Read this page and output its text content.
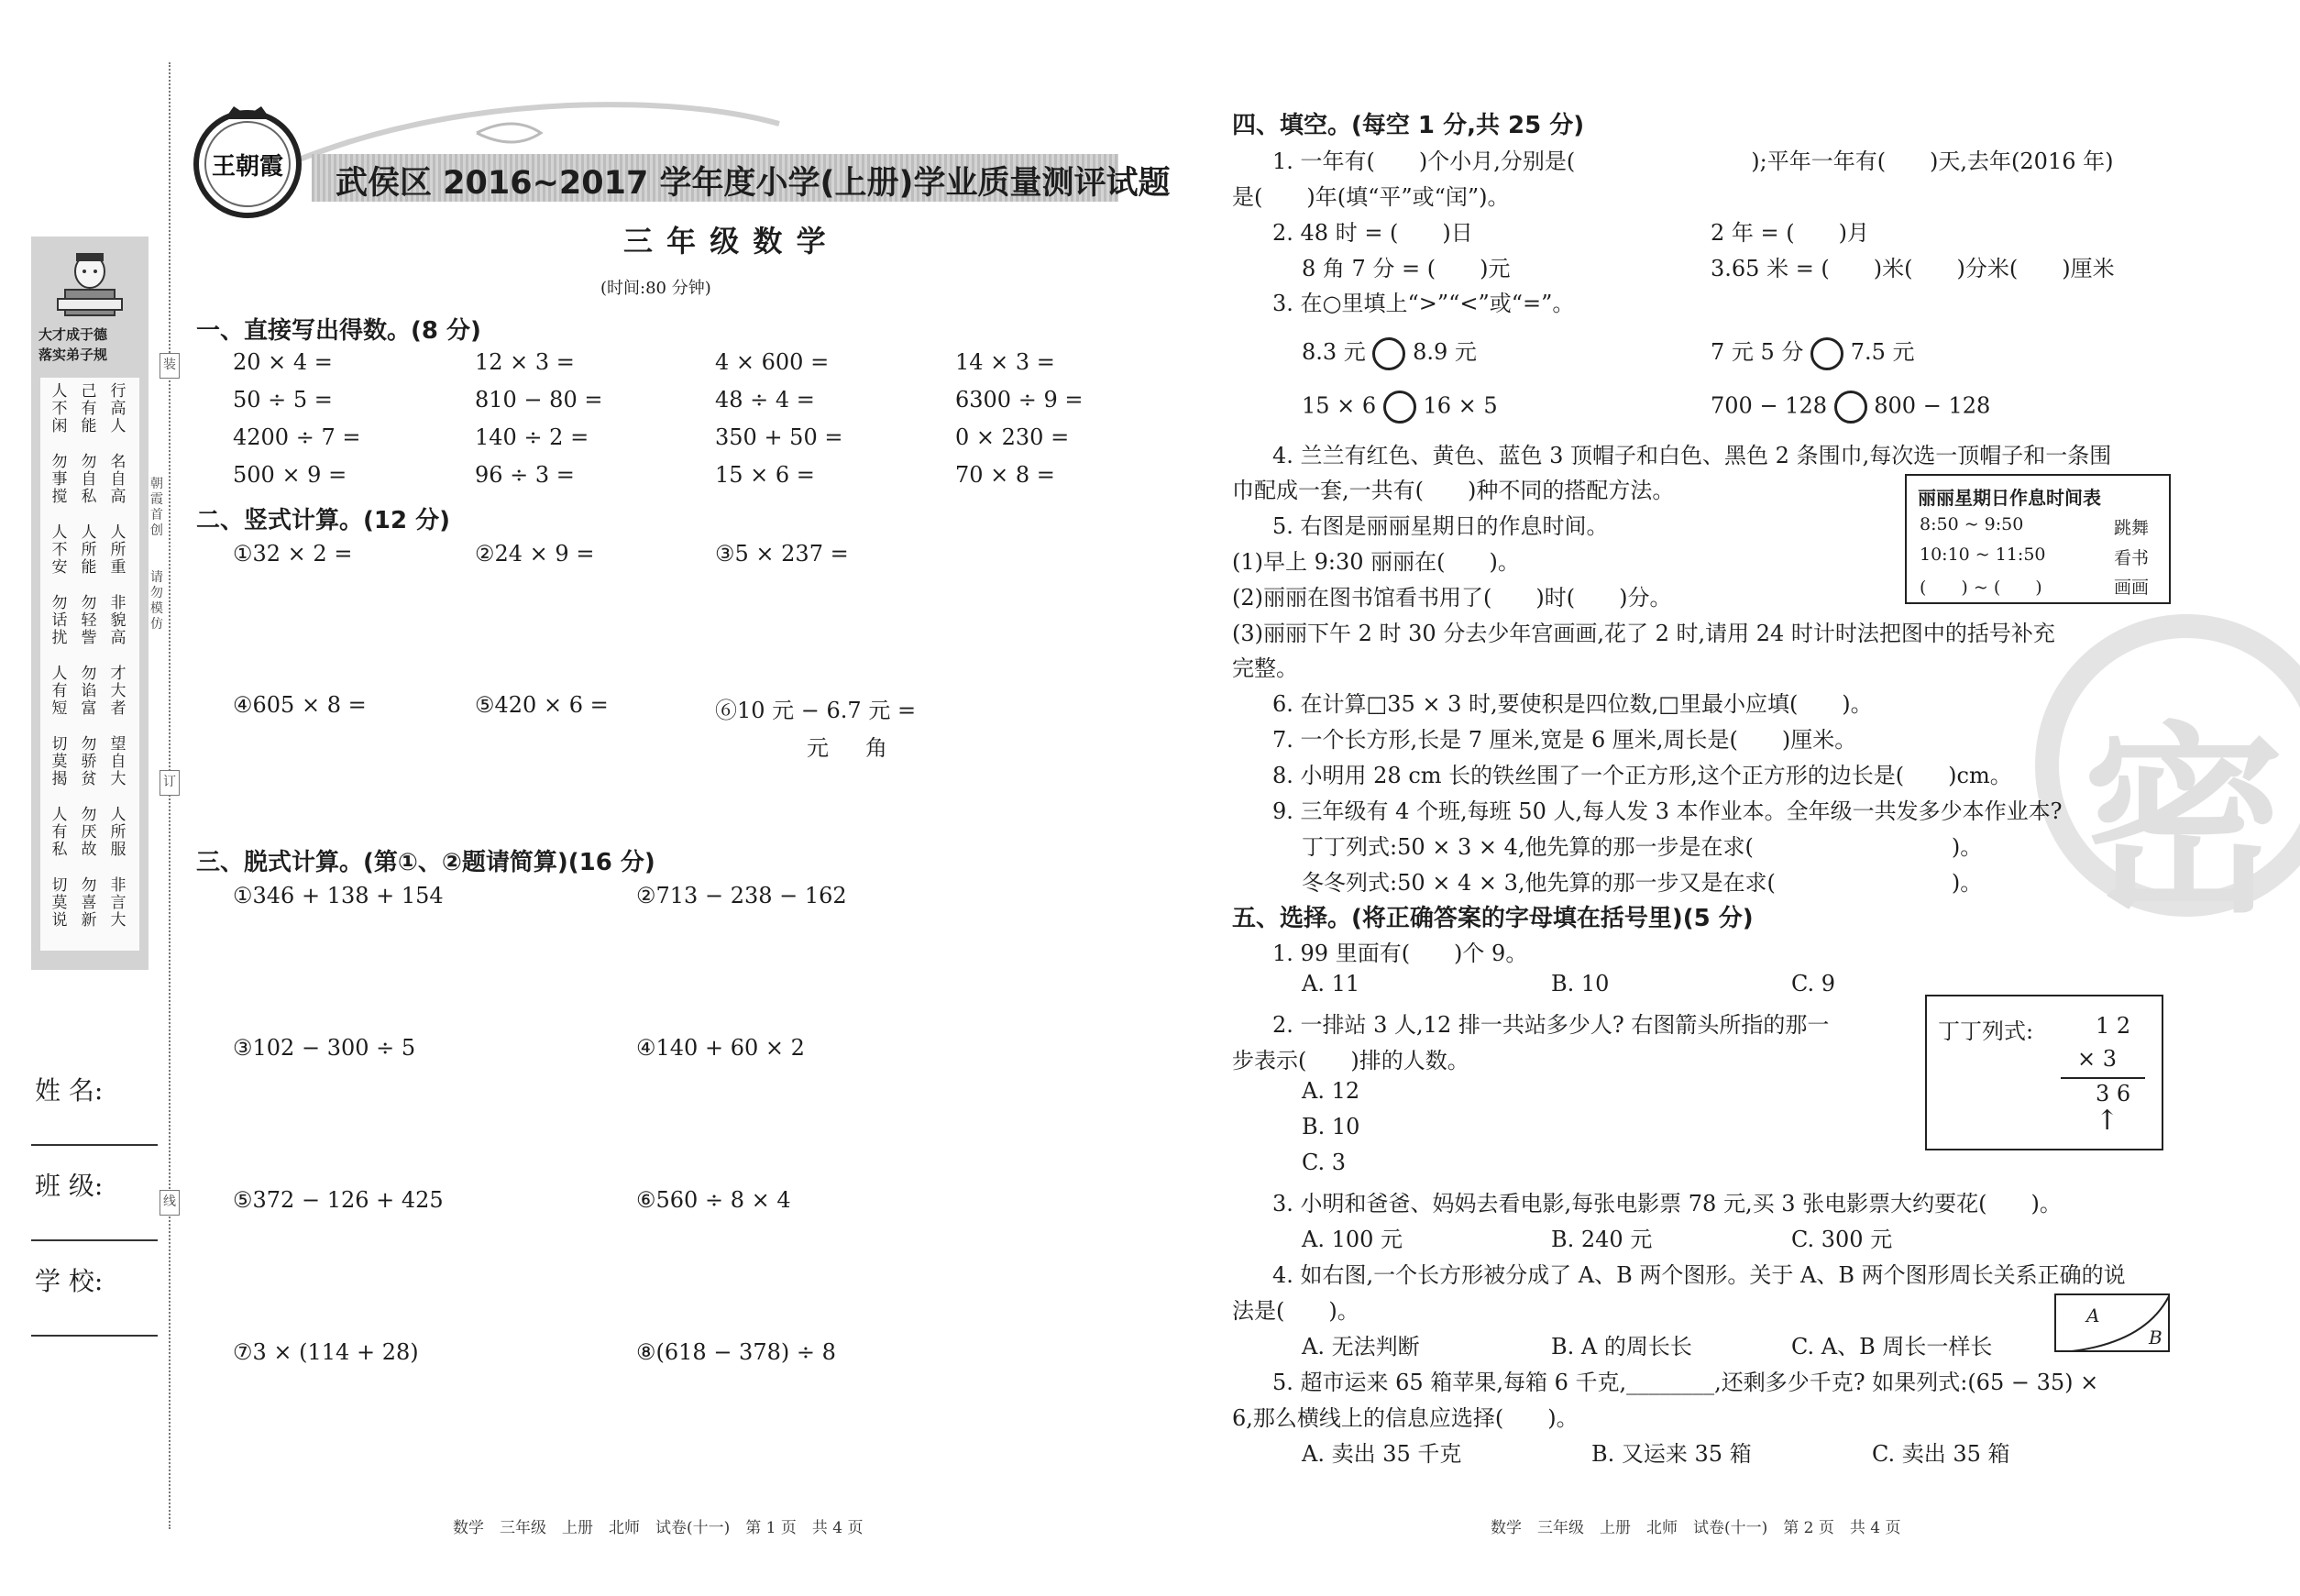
装
订
线
朝霞首创
请勿模仿
大才成于德
落实弟子规
人不闲
己有能
行高人
勿事搅
勿自私
名自高
人不安
人所能
人所重
勿话扰
勿轻訾
非貌高
人有短
勿谄富
才大者
切莫揭
勿骄贫
望自大
人有私
勿厌故
人所服
切莫说
勿喜新
非言大
姓 名:
班 级:
学 校:
王朝霞 武侯区 2016~2017 学年度小学(上册)学业质量测评试题
三 年 级 数 学
(时间:80 分钟)
一、直接写出得数。(8 分)
20 × 4 =	12 × 3 =	4 × 600 =	14 × 3 =
50 ÷ 5 =	810 − 80 =	48 ÷ 4 =	6300 ÷ 9 =
4200 ÷ 7 =	140 ÷ 2 =	350 + 50 =	0 × 230 =
500 × 9 =	96 ÷ 3 =	15 × 6 =	70 × 8 =
二、竖式计算。(12 分)
①32 × 2 =	②24 × 9 =	③5 × 237 =
④605 × 8 =	⑤420 × 6 =	⑥10 元 − 6.7 元 =
元 角
三、脱式计算。(第①、②题请简算)(16 分)
①346 + 138 + 154	②713 − 238 − 162
③102 − 300 ÷ 5	④140 + 60 × 2
⑤372 − 126 + 425	⑥560 ÷ 8 × 4
⑦3 × (114 + 28)	⑧(618 − 378) ÷ 8
数学　三年级　上册　北师　试卷(十一)　第 1 页　共 4 页
密
四、填空。(每空 1 分,共 25 分)
1. 一年有(　　)个小月,分别是(　　　　　　　　);平年一年有(　　)天,去年(2016 年)
是(　　)年(填“平”或“闰”)。
2. 48 时 = (　　)日	2 年 = (　　)月
8 角 7 分 = (　　)元	3.65 米 = (　　)米(　　)分米(　　)厘米
3. 在○里填上“>”“<”或“=”。
8.3 元 8.9 元	7 元 5 分 7.5 元
15 × 6 16 × 5	700 − 128 800 − 128
4. 兰兰有红色、黄色、蓝色 3 顶帽子和白色、黑色 2 条围巾,每次选一顶帽子和一条围
巾配成一套,一共有(　　)种不同的搭配方法。
5. 右图是丽丽星期日的作息时间。
(1)早上 9:30 丽丽在(　　)。
(2)丽丽在图书馆看书用了(　　)时(　　)分。
(3)丽丽下午 2 时 30 分去少年宫画画,花了 2 时,请用 24 时计时法把图中的括号补充
完整。
丽丽星期日作息时间表
8:50 ~ 9:50	跳舞
10:10 ~ 11:50	看书
(　　) ~ (　　)	画画
6. 在计算□35 × 3 时,要使积是四位数,□里最小应填(　　)。
7. 一个长方形,长是 7 厘米,宽是 6 厘米,周长是(　　)厘米。
8. 小明用 28 cm 长的铁丝围了一个正方形,这个正方形的边长是(　　)cm。
9. 三年级有 4 个班,每班 50 人,每人发 3 本作业本。全年级一共发多少本作业本?
丁丁列式:50 × 3 × 4,他先算的那一步是在求(　　　　　　　　　)。
冬冬列式:50 × 4 × 3,他先算的那一步又是在求(　　　　　　　　)。
五、选择。(将正确答案的字母填在括号里)(5 分)
1. 99 里面有(　　)个 9。
A. 11	B. 10	C. 9
2. 一排站 3 人,12 排一共站多少人? 右图箭头所指的那一
步表示(　　)排的人数。
A. 12
B. 10
C. 3
丁丁列式:	1 2
× 3
3 6
↑
3. 小明和爸爸、妈妈去看电影,每张电影票 78 元,买 3 张电影票大约要花(　　)。
A. 100 元	B. 240 元	C. 300 元
4. 如右图,一个长方形被分成了 A、B 两个图形。关于 A、B 两个图形周长关系正确的说
法是(　　)。
A. 无法判断	B. A 的周长长	C. A、B 周长一样长
A
B
5. 超市运来 65 箱苹果,每箱 6 千克,________,还剩多少千克? 如果列式:(65 − 35) ×
6,那么横线上的信息应选择(　　)。
A. 卖出 35 千克	B. 又运来 35 箱	C. 卖出 35 箱
数学　三年级　上册　北师　试卷(十一)　第 2 页　共 4 页
